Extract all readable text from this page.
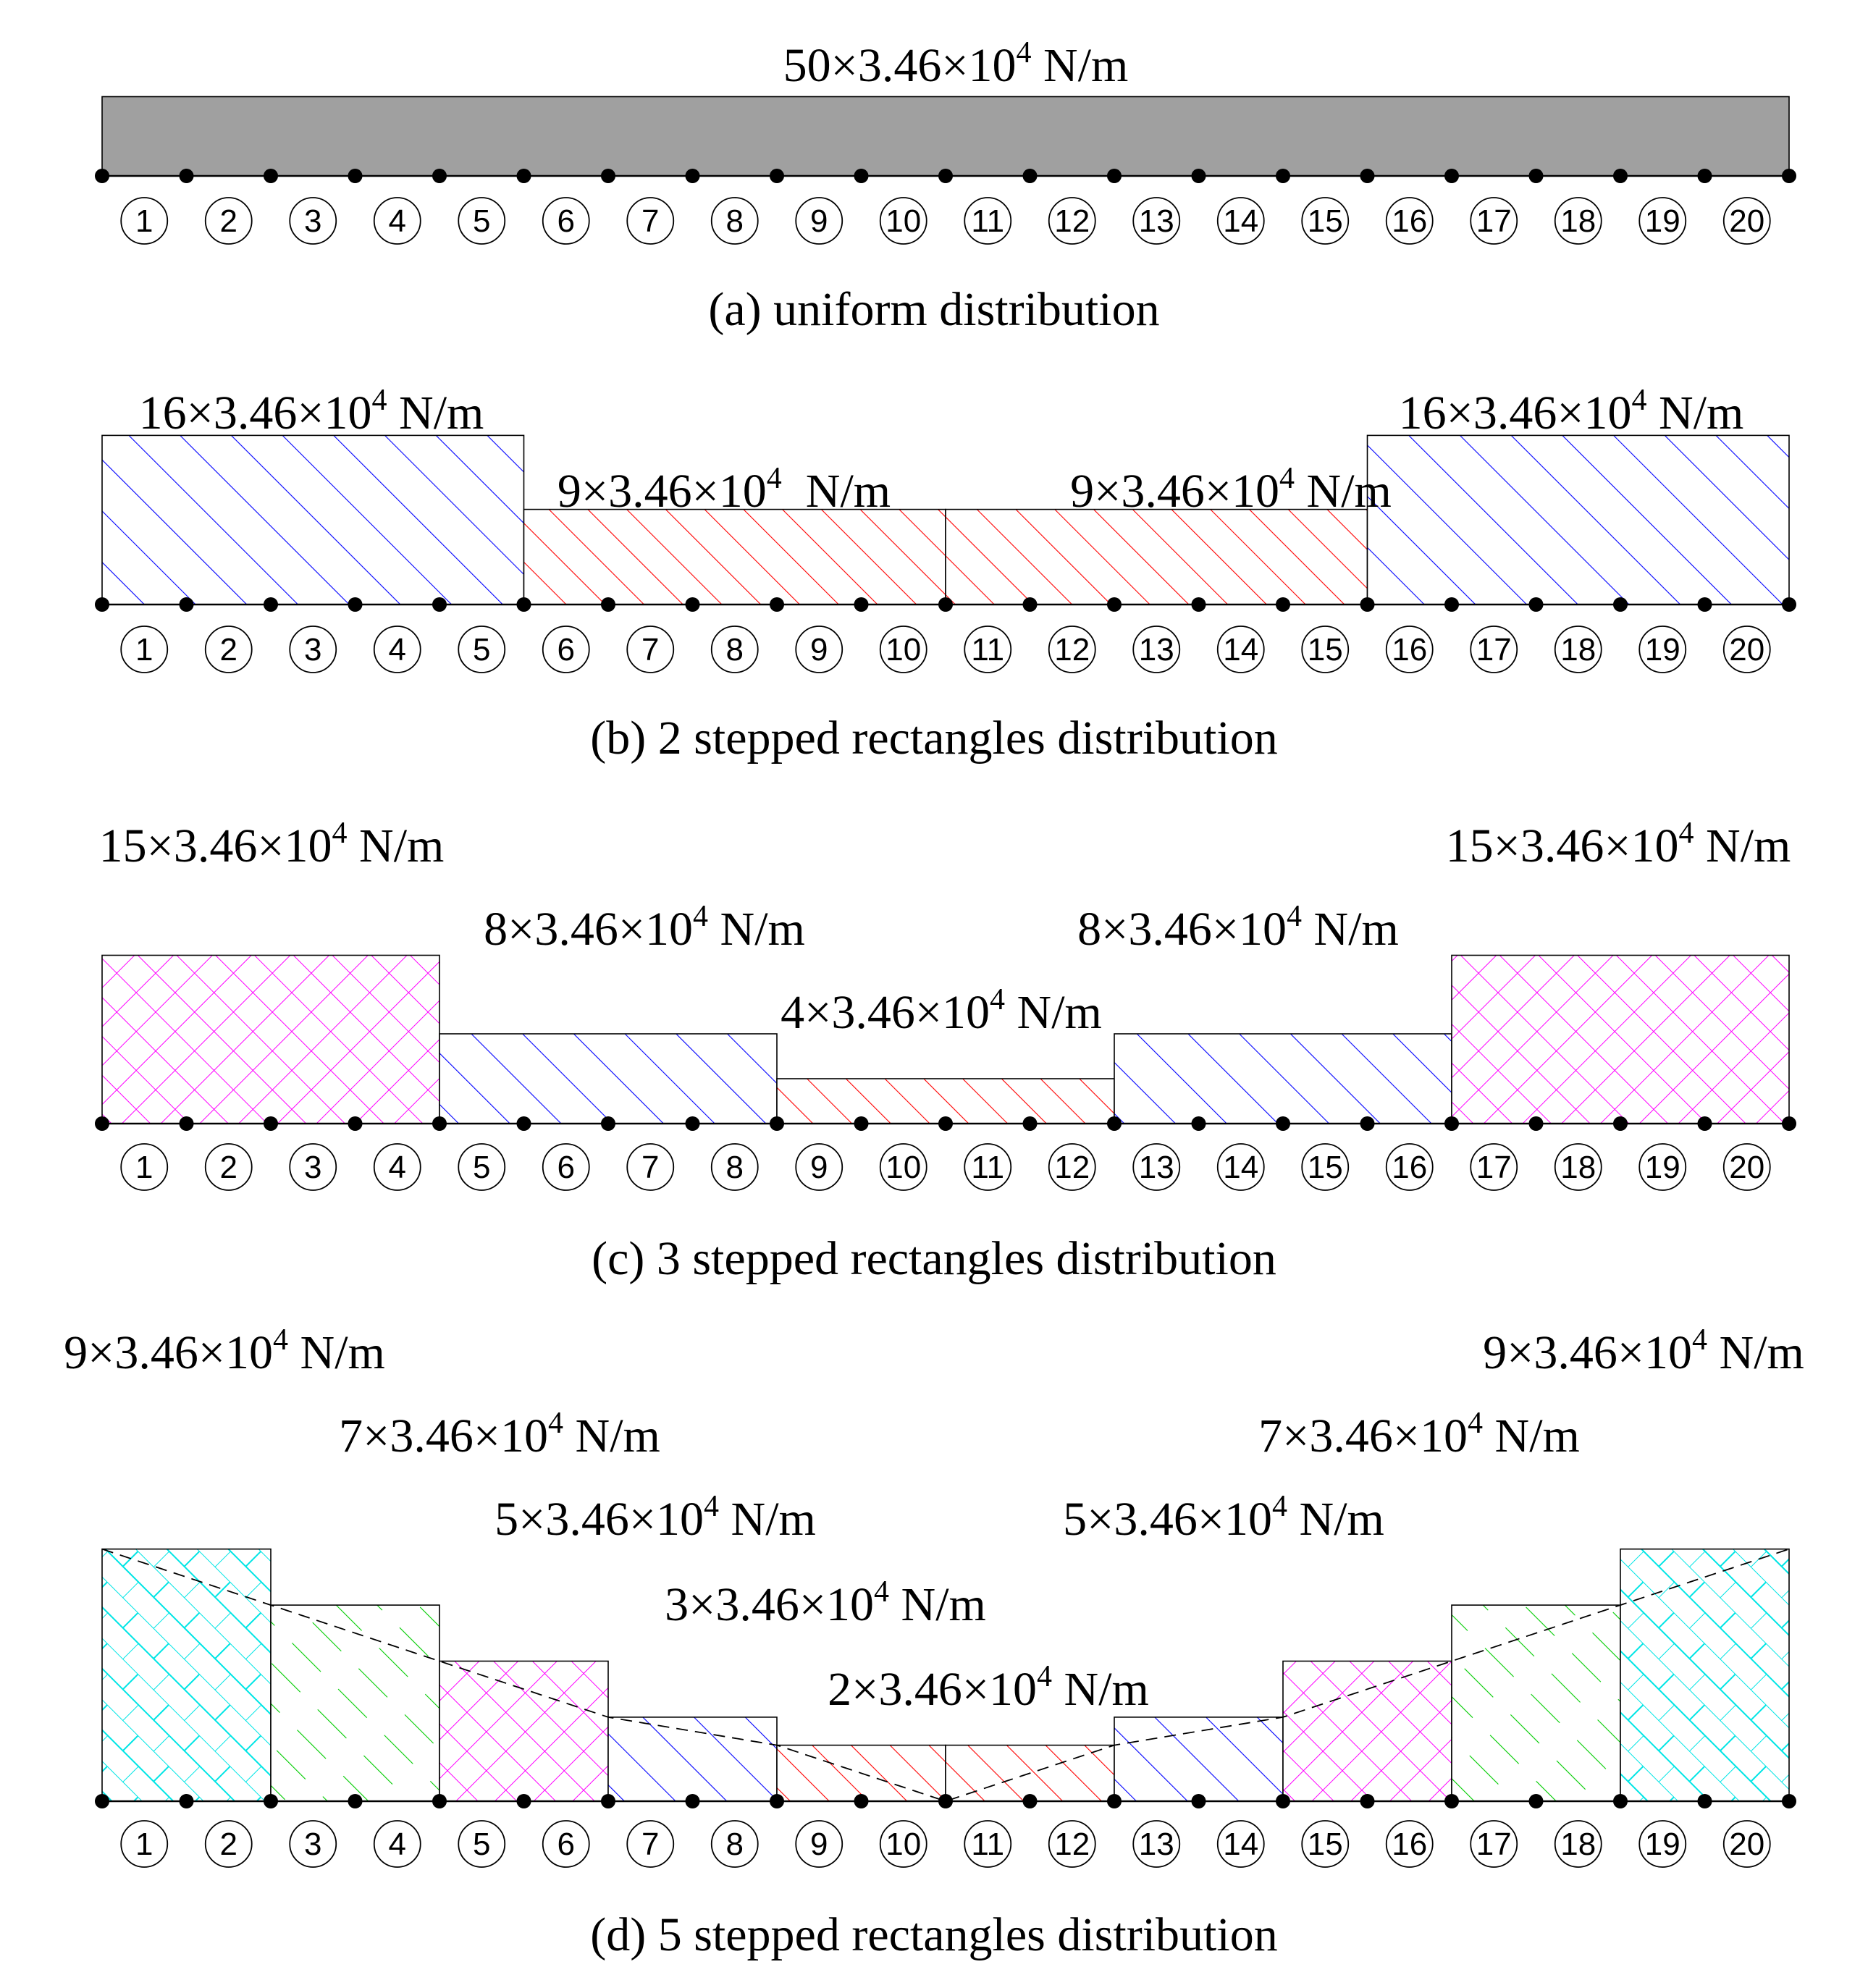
1 2 3 4 5 6 7 8 9 10 11 12 13 14 15 16 17 18 19 20
$50\times 3.46\times 10^4$ N/m
(a) uniform distribution
1 2 3 4 5 6 7 8 9 10 11 12 13 14 15 16 17 18 19 20
$16\times 3.46\times 10^4$ N/m
$9\times 3.46\times 10^4$  N/m	$9\times 3.46\times 10^4$ N/m
$16\times 3.46\times 10^4$ N/m
(b) 2 stepped rectangles distribution
1 2 3 4 5 6 7 8 9 10 11 12 13 14 15 16 17 18 19 20
$15\times 3.46\times 10^4$ N/m
$8\times 3.46\times 10^4$ N/m
$4\times 3.46\times 10^4$ N/m
$8\times 3.46\times 10^4$ N/m
$15\times 3.46\times 10^4$ N/m
(c) 3 stepped rectangles distribution
1 2 3 4 5 6 7 8 9 10 11 12 13 14 15 16 17 18 19 20
$9\times 3.46\times 10^4$ N/m
$7\times 3.46\times 10^4$ N/m
$5\times 3.46\times 10^4$ N/m
$3\times 3.46\times 10^4$ N/m
$2\times 3.46\times 10^4$ N/m
$5\times 3.46\times 10^4$ N/m
$7\times 3.46\times 10^4$ N/m
$9\times 3.46\times 10^4$ N/m
(d) 5 stepped rectangles distribution
